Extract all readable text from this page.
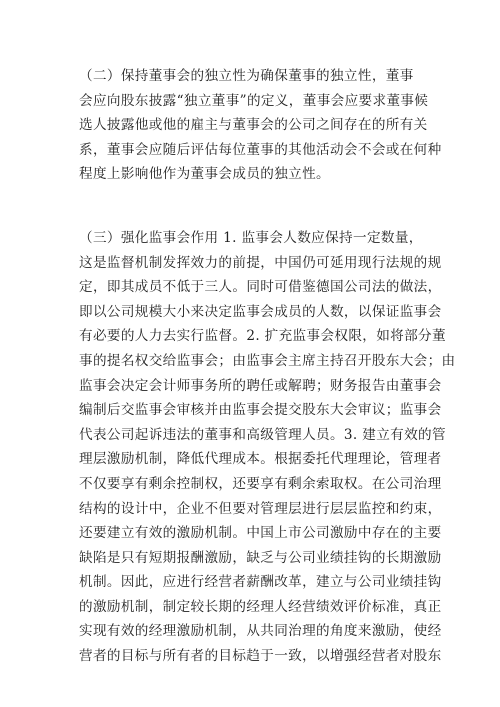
（二）保持董事会的独立性为确保董事的独立性，董事
会应向股东披露“独立董事”的定义，董事会应要求董事候
选人披露他或他的雇主与董事会的公司之间存在的所有关
系，董事会应随后评估每位董事的其他活动会不会或在何种
程度上影响他作为董事会成员的独立性。

（三）强化监事会作用 1. 监事会人数应保持一定数量，
这是监督机制发挥效力的前提，中国仍可延用现行法规的规
定，即其成员不低于三人。同时可借鉴德国公司法的做法，
即以公司规模大小来决定监事会成员的人数，以保证监事会
有必要的人力去实行监督。2. 扩充监事会权限，如将部分董
事的提名权交给监事会；由监事会主席主持召开股东大会；由
监事会决定会计师事务所的聘任或解聘；财务报告由董事会
编制后交监事会审核并由监事会提交股东大会审议；监事会
代表公司起诉违法的董事和高级管理人员。3. 建立有效的管
理层激励机制，降低代理成本。根据委托代理理论，管理者
不仅要享有剩余控制权，还要享有剩余索取权。在公司治理
结构的设计中，企业不但要对管理层进行层层监控和约束，
还要建立有效的激励机制。中国上市公司激励中存在的主要
缺陷是只有短期报酬激励，缺乏与公司业绩挂钩的长期激励
机制。因此，应进行经营者薪酬改革，建立与公司业绩挂钩
的激励机制，制定较长期的经理人经营绩效评价标准，真正
实现有效的经理激励机制，从共同治理的角度来激励，使经
营者的目标与所有者的目标趋于一致，以增强经营者对股东
